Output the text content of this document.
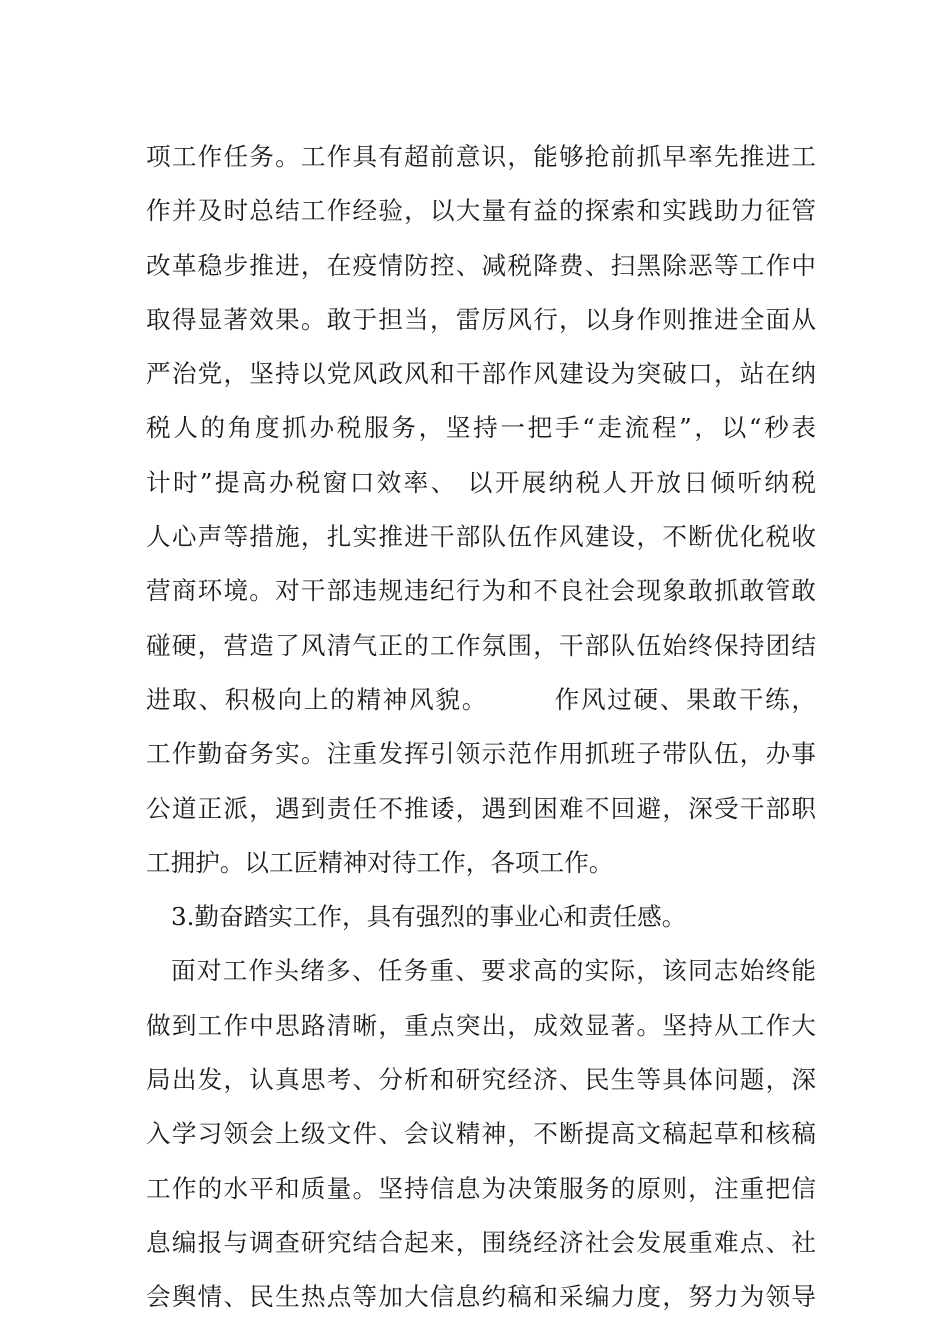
项工作任务。工作具有超前意识，能够抢前抓早率先推进工
作并及时总结工作经验，以大量有益的探索和实践助力征管
改革稳步推进，在疫情防控、减税降费、扫黑除恶等工作中
取得显著效果。敢于担当，雷厉风行，以身作则推进全面从
严治党，坚持以党风政风和干部作风建设为突破口，站在纳
税人的角度抓办税服务，坚持一把手“走流程”，以“秒表
计时”提高办税窗口效率、 以开展纳税人开放日倾听纳税
人心声等措施，扎实推进干部队伍作风建设，不断优化税收
营商环境。对干部违规违纪行为和不良社会现象敢抓敢管敢
碰硬，营造了风清气正的工作氛围，干部队伍始终保持团结
进取、积极向上的精神风貌。　　　作风过硬、果敢干练，
工作勤奋务实。注重发挥引领示范作用抓班子带队伍，办事
公道正派，遇到责任不推诿，遇到困难不回避，深受干部职
工拥护。以工匠精神对待工作，各项工作。
3.勤奋踏实工作，具有强烈的事业心和责任感。
面对工作头绪多、任务重、要求高的实际，该同志始终能
做到工作中思路清晰，重点突出，成效显著。坚持从工作大
局出发，认真思考、分析和研究经济、民生等具体问题，深
入学习领会上级文件、会议精神，不断提高文稿起草和核稿
工作的水平和质量。坚持信息为决策服务的原则，注重把信
息编报与调查研究结合起来，围绕经济社会发展重难点、社
会舆情、民生热点等加大信息约稿和采编力度，努力为领导
